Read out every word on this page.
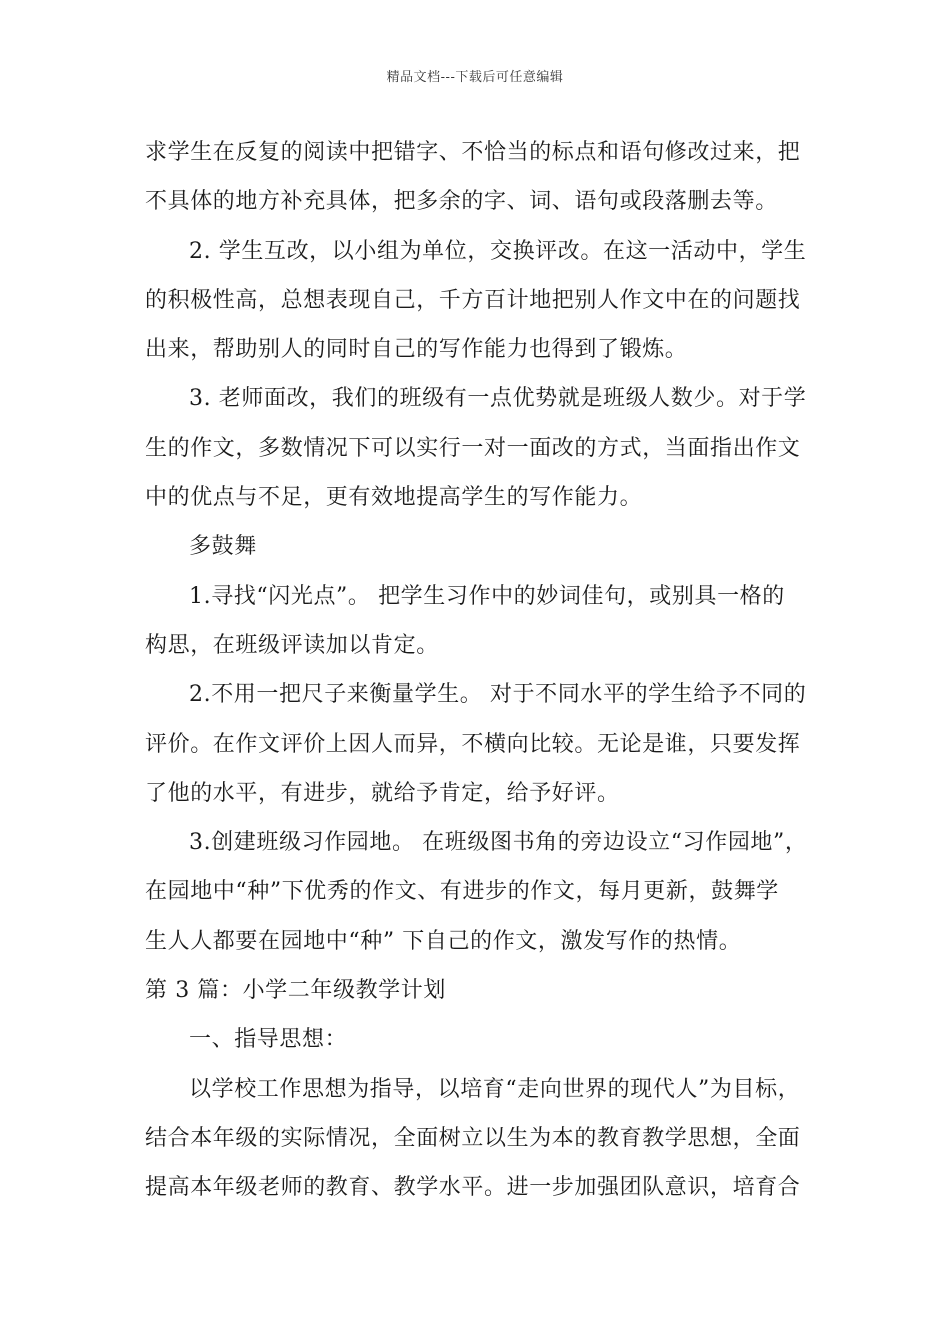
精品文档---下载后可任意编辑
求学生在反复的阅读中把错字、不恰当的标点和语句修改过来，把
不具体的地方补充具体，把多余的字、词、语句或段落删去等。
2. 学生互改，以小组为单位，交换评改。在这一活动中，学生
的积极性高，总想表现自己，千方百计地把别人作文中在的问题找
出来，帮助别人的同时自己的写作能力也得到了锻炼。
3. 老师面改，我们的班级有一点优势就是班级人数少。对于学
生的作文，多数情况下可以实行一对一面改的方式，当面指出作文
中的优点与不足，更有效地提高学生的写作能力。
多鼓舞
1.寻找“闪光点”。 把学生习作中的妙词佳句，或别具一格的
构思，在班级评读加以肯定。
2.不用一把尺子来衡量学生。 对于不同水平的学生给予不同的
评价。在作文评价上因人而异，不横向比较。无论是谁，只要发挥
了他的水平，有进步，就给予肯定，给予好评。
3.创建班级习作园地。 在班级图书角的旁边设立“习作园地”，
在园地中“种”下优秀的作文、有进步的作文，每月更新，鼓舞学
生人人都要在园地中“种” 下自己的作文，激发写作的热情。
第 3 篇：小学二年级教学计划
一、指导思想：
以学校工作思想为指导，以培育“走向世界的现代人”为目标，
结合本年级的实际情况，全面树立以生为本的教育教学思想，全面
提高本年级老师的教育、教学水平。进一步加强团队意识，培育合
